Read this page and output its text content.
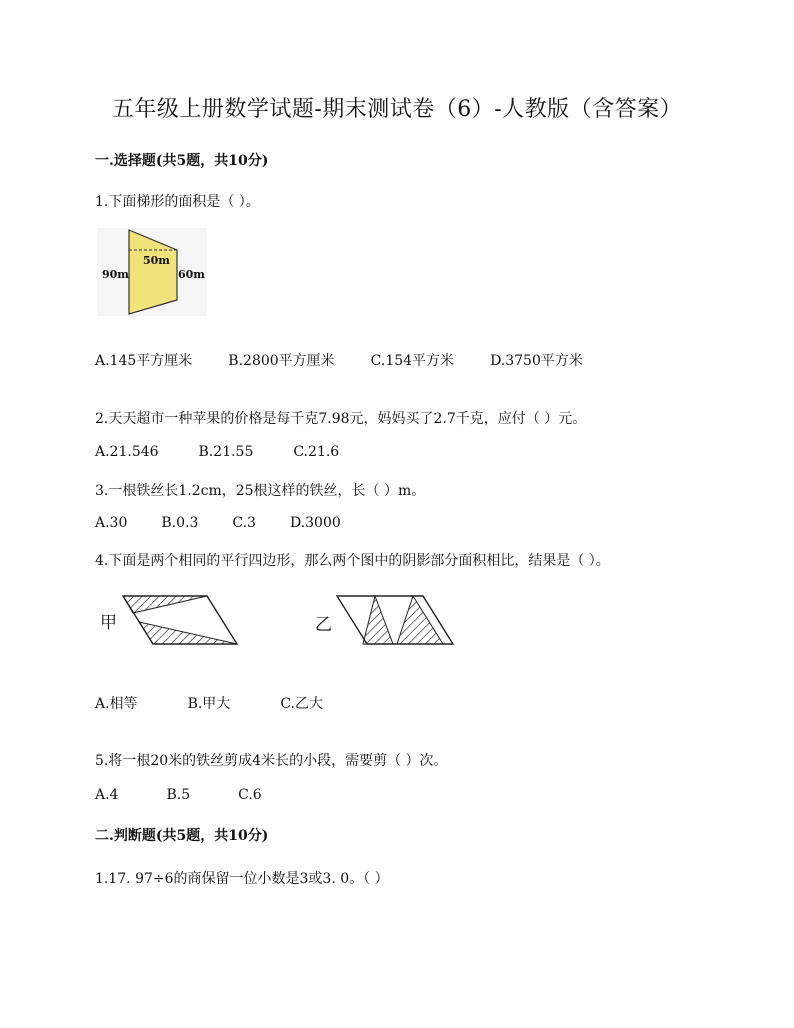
五年级上册数学试题-期末测试卷（6）-人教版（含答案）
一.选择题(共5题，共10分)
1.下面梯形的面积是（ ）。
90m
50m
60m
A.145平方厘米	B.2800平方厘米	C.154平方米	D.3750平方米
2.天天超市一种苹果的价格是每千克7.98元，妈妈买了2.7千克，应付（ ）元。
A.21.546	B.21.55	C.21.6
3.一根铁丝长1.2cm，25根这样的铁丝，长（ ）m。
A.30 B.0.3 C.3 D.3000
4.下面是两个相同的平行四边形，那么两个图中的阴影部分面积相比，结果是（ ）。
甲	乙
A.相等	B.甲大	C.乙大
5.将一根20米的铁丝剪成4米长的小段，需要剪（ ）次。
A.4	B.5	C.6
二.判断题(共5题，共10分)
1.17. 97÷6的商保留一位小数是3或3. 0。（ ）
